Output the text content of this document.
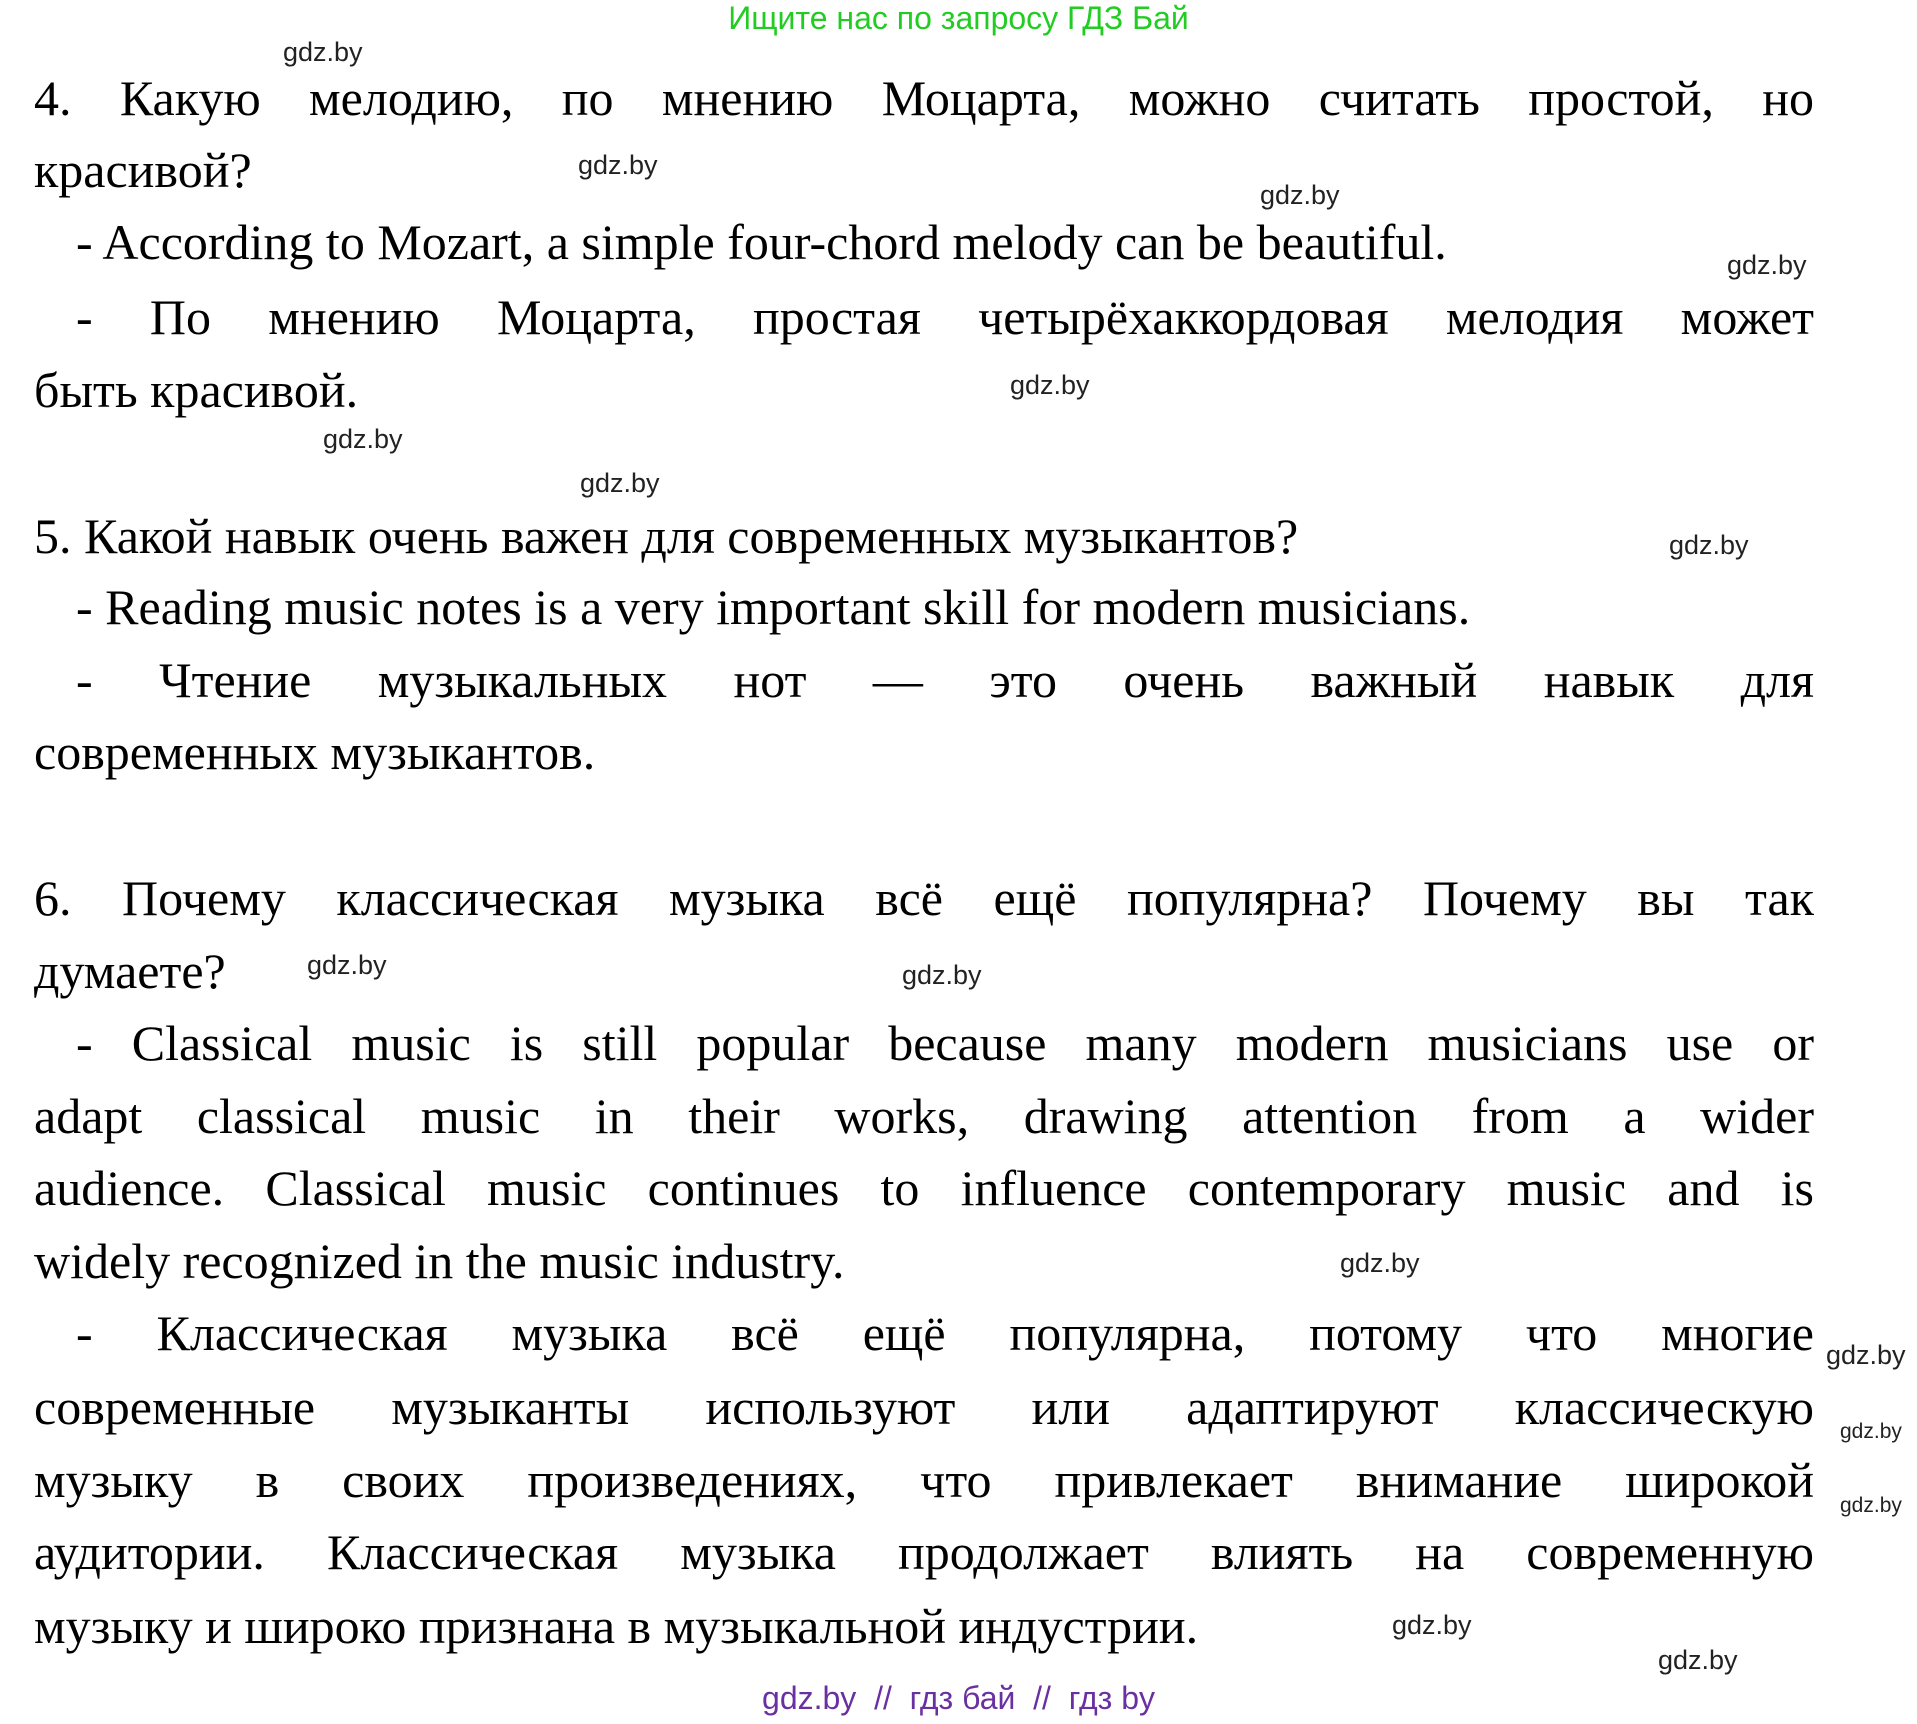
Ищите нас по запросу ГДЗ Бай
4. Какую мелодию, по мнению Моцарта, можно считать простой, но
красивой?
- According to Mozart, a simple four-chord melody can be beautiful.
- По мнению Моцарта, простая четырёхаккордовая мелодия может
быть красивой.
5. Какой навык очень важен для современных музыкантов?
- Reading music notes is a very important skill for modern musicians.
- Чтение музыкальных нот — это очень важный навык для
современных музыкантов.
6. Почему классическая музыка всё ещё популярна? Почему вы так
думаете?
- Classical music is still popular because many modern musicians use or
adapt classical music in their works, drawing attention from a wider
audience. Classical music continues to influence contemporary music and is
widely recognized in the music industry.
- Классическая музыка всё ещё популярна, потому что многие
современные музыканты используют или адаптируют классическую
музыку в своих произведениях, что привлекает внимание широкой
аудитории. Классическая музыка продолжает влиять на современную
музыку и широко признана в музыкальной индустрии.
gdz.by
gdz.by
gdz.by
gdz.by
gdz.by
gdz.by
gdz.by
gdz.by
gdz.by	gdz.by
gdz.by
gdz.by
gdz.by
gdz.by
gdz.by
gdz.by
gdz.by  //  гдз бай  //  гдз by
